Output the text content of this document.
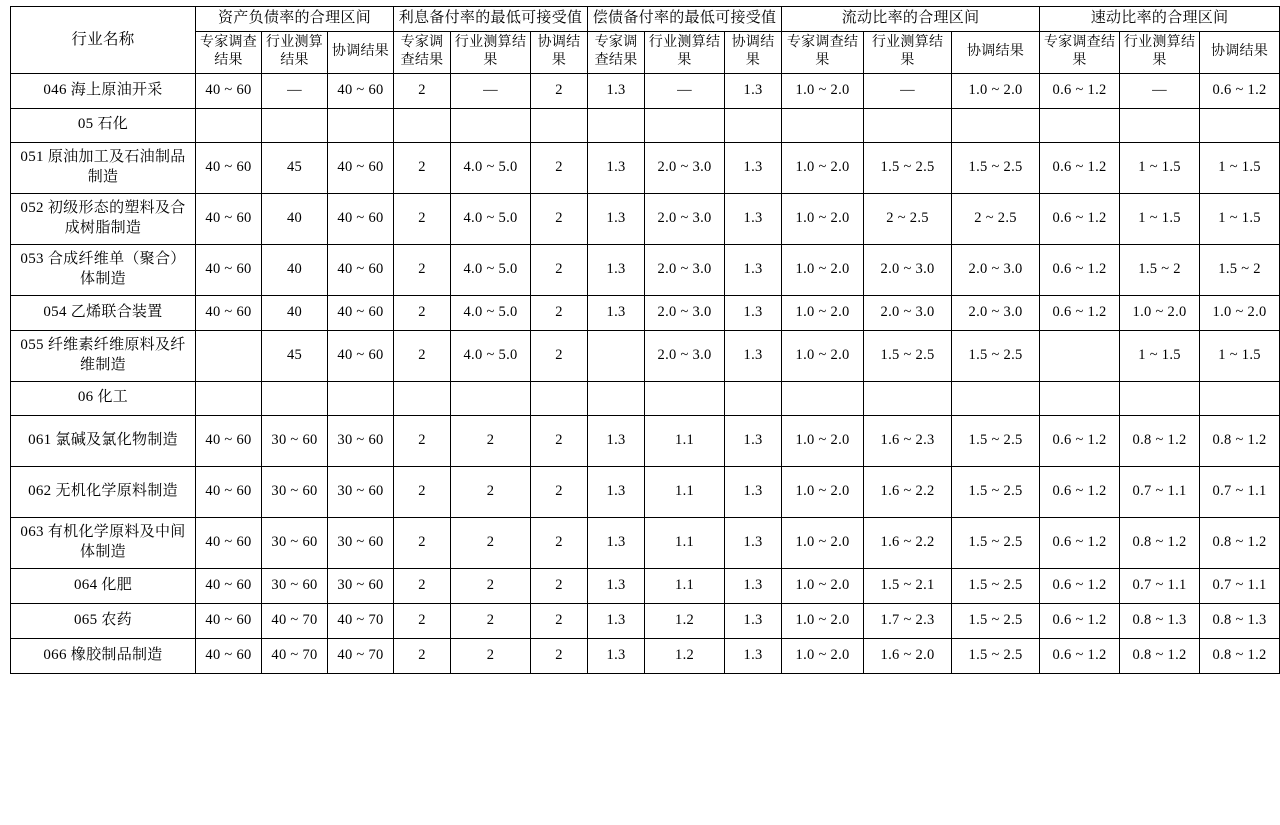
行业名称	资产负债率的合理区间			利息备付率的最低可接受值			偿债备付率的最低可接受值			流动比率的合理区间			速动比率的合理区间		
	专家调查结果	行业测算结果	协调结果	专家调查结果	行业测算结果	协调结果	专家调查结果	行业测算结果	协调结果	专家调查结果	行业测算结果	协调结果	专家调查结果	行业测算结果	协调结果
046 海上原油开采	40 ~ 60	—	40 ~ 60	2	—	2	1.3	—	1.3	1.0 ~ 2.0	—	1.0 ~ 2.0	0.6 ~ 1.2	—	0.6 ~ 1.2
05 石化															
051 原油加工及石油制品制造	40 ~ 60	45	40 ~ 60	2	4.0 ~ 5.0	2	1.3	2.0 ~ 3.0	1.3	1.0 ~ 2.0	1.5 ~ 2.5	1.5 ~ 2.5	0.6 ~ 1.2	1 ~ 1.5	1 ~ 1.5
052 初级形态的塑料及合成树脂制造	40 ~ 60	40	40 ~ 60	2	4.0 ~ 5.0	2	1.3	2.0 ~ 3.0	1.3	1.0 ~ 2.0	2 ~ 2.5	2 ~ 2.5	0.6 ~ 1.2	1 ~ 1.5	1 ~ 1.5
053 合成纤维单（聚合）体制造	40 ~ 60	40	40 ~ 60	2	4.0 ~ 5.0	2	1.3	2.0 ~ 3.0	1.3	1.0 ~ 2.0	2.0 ~ 3.0	2.0 ~ 3.0	0.6 ~ 1.2	1.5 ~ 2	1.5 ~ 2
054 乙烯联合装置	40 ~ 60	40	40 ~ 60	2	4.0 ~ 5.0	2	1.3	2.0 ~ 3.0	1.3	1.0 ~ 2.0	2.0 ~ 3.0	2.0 ~ 3.0	0.6 ~ 1.2	1.0 ~ 2.0	1.0 ~ 2.0
055 纤维素纤维原料及纤维制造		45	40 ~ 60	2	4.0 ~ 5.0	2		2.0 ~ 3.0	1.3	1.0 ~ 2.0	1.5 ~ 2.5	1.5 ~ 2.5		1 ~ 1.5	1 ~ 1.5
06 化工															
061 氯碱及氯化物制造	40 ~ 60	30 ~ 60	30 ~ 60	2	2	2	1.3	1.1	1.3	1.0 ~ 2.0	1.6 ~ 2.3	1.5 ~ 2.5	0.6 ~ 1.2	0.8 ~ 1.2	0.8 ~ 1.2
062 无机化学原料制造	40 ~ 60	30 ~ 60	30 ~ 60	2	2	2	1.3	1.1	1.3	1.0 ~ 2.0	1.6 ~ 2.2	1.5 ~ 2.5	0.6 ~ 1.2	0.7 ~ 1.1	0.7 ~ 1.1
063 有机化学原料及中间体制造	40 ~ 60	30 ~ 60	30 ~ 60	2	2	2	1.3	1.1	1.3	1.0 ~ 2.0	1.6 ~ 2.2	1.5 ~ 2.5	0.6 ~ 1.2	0.8 ~ 1.2	0.8 ~ 1.2
064 化肥	40 ~ 60	30 ~ 60	30 ~ 60	2	2	2	1.3	1.1	1.3	1.0 ~ 2.0	1.5 ~ 2.1	1.5 ~ 2.5	0.6 ~ 1.2	0.7 ~ 1.1	0.7 ~ 1.1
065 农药	40 ~ 60	40 ~ 70	40 ~ 70	2	2	2	1.3	1.2	1.3	1.0 ~ 2.0	1.7 ~ 2.3	1.5 ~ 2.5	0.6 ~ 1.2	0.8 ~ 1.3	0.8 ~ 1.3
066 橡胶制品制造	40 ~ 60	40 ~ 70	40 ~ 70	2	2	2	1.3	1.2	1.3	1.0 ~ 2.0	1.6 ~ 2.0	1.5 ~ 2.5	0.6 ~ 1.2	0.8 ~ 1.2	0.8 ~ 1.2
